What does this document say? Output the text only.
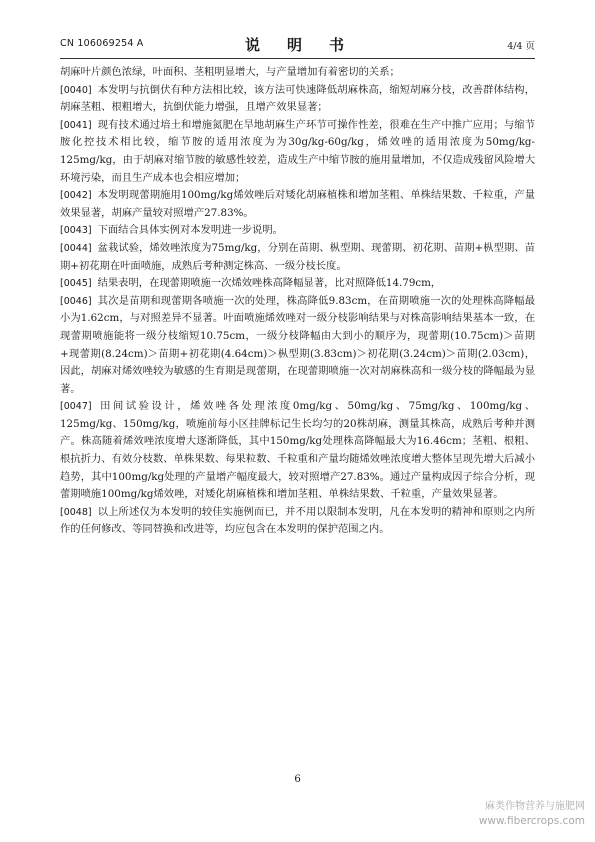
CN 106069254 A	说　明　书	4/4 页

胡麻叶片颜色浓绿，叶面积、茎粗明显增大，与产量增加有着密切的关系；

[0040] 本发明与抗倒伏有种方法相比较，该方法可快速降低胡麻株高，缩短胡麻分枝，改善群体结构，胡麻茎粗、根粗增大，抗倒伏能力增强，且增产效果显著；

[0041] 现有技术通过培土和增施氮肥在旱地胡麻生产环节可操作性差，很难在生产中推广应用；与缩节胺化控技术相比较，缩节胺的适用浓度为为30g/kg-60g/kg，烯效唑的适用浓度为50mg/kg-125mg/kg，由于胡麻对缩节胺的敏感性较差，造成生产中缩节胺的施用量增加，不仅造成残留风险增大环境污染，而且生产成本也会相应增加；

[0042] 本发明现蕾期施用100mg/kg烯效唑后对矮化胡麻植株和增加茎粗、单株结果数、千粒重，产量效果显著，胡麻产量较对照增产27.83%。

[0043] 下面结合具体实例对本发明进一步说明。

[0044] 盆栽试验，烯效唑浓度为75mg/kg，分别在苗期、枞型期、现蕾期、初花期、苗期+枞型期、苗期+初花期在叶面喷施，成熟后考种测定株高、一级分枝长度。

[0045] 结果表明，在现蕾期喷施一次烯效唑株高降幅显著，比对照降低14.79cm，

[0046] 其次是苗期和现蕾期各喷施一次的处理，株高降低9.83cm，在苗期喷施一次的处理株高降幅最小为1.62cm，与对照差异不显著。叶面喷施烯效唑对一级分枝影响结果与对株高影响结果基本一致，在现蕾期喷施能将一级分枝缩短10.75cm，一级分枝降幅由大到小的顺序为，现蕾期(10.75cm)＞苗期+现蕾期(8.24cm)＞苗期+初花期(4.64cm)＞枞型期(3.83cm)＞初花期(3.24cm)＞苗期(2.03cm)，因此，胡麻对烯效唑较为敏感的生育期是现蕾期，在现蕾期喷施一次对胡麻株高和一级分枝的降幅最为显著。

[0047] 田间试验设计，烯效唑各处理浓度0mg/kg、50mg/kg、75mg/kg、100mg/kg、125mg/kg、150mg/kg，喷施前每小区挂牌标记生长均匀的20株胡麻，测量其株高，成熟后考种并测产。株高随着烯效唑浓度增大逐渐降低，其中150mg/kg处理株高降幅最大为16.46cm；茎粗、根粗、根抗折力、有效分枝数、单株果数、每果粒数、千粒重和产量均随烯效唑浓度增大整体呈现先增大后减小趋势，其中100mg/kg处理的产量增产幅度最大，较对照增产27.83%。通过产量构成因子综合分析，现蕾期喷施100mg/kg烯效唑，对矮化胡麻植株和增加茎粗、单株结果数、千粒重，产量效果显著。

[0048] 以上所述仅为本发明的较佳实施例而已，并不用以限制本发明，凡在本发明的精神和原则之内所作的任何修改、等同替换和改进等，均应包含在本发明的保护范围之内。

6
麻类作物营养与施肥网
www.fibercrops.com
